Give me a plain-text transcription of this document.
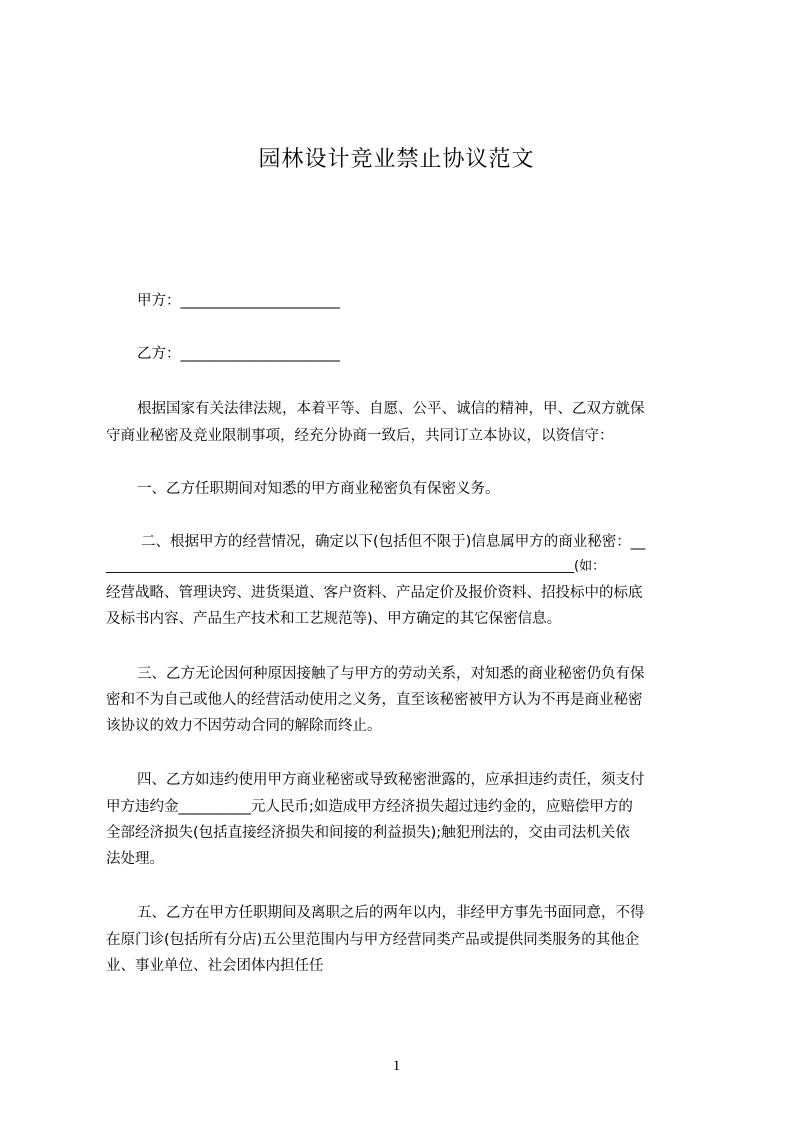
园林设计竞业禁止协议范文
甲方：______________________
乙方：______________________
根据国家有关法律法规，本着平等、自愿、公平、诚信的精神，甲、乙双方就保
守商业秘密及竞业限制事项，经充分协商一致后，共同订立本协议，以资信守：
一、乙方任职期间对知悉的甲方商业秘密负有保密义务。
二、根据甲方的经营情况，确定以下(包括但不限于)信息属甲方的商业秘密：__
________________________________________________________________________(如：
经营战略、管理诀窍、进货渠道、客户资料、产品定价及报价资料、招投标中的标底
及标书内容、产品生产技术和工艺规范等)、甲方确定的其它保密信息。
三、乙方无论因何种原因接触了与甲方的劳动关系，对知悉的商业秘密仍负有保
密和不为自己或他人的经营活动使用之义务，直至该秘密被甲方认为不再是商业秘密
该协议的效力不因劳动合同的解除而终止。
四、乙方如违约使用甲方商业秘密或导致秘密泄露的，应承担违约责任，须支付
甲方违约金__________元人民币;如造成甲方经济损失超过违约金的，应赔偿甲方的
全部经济损失(包括直接经济损失和间接的利益损失);触犯刑法的，交由司法机关依
法处理。
五、乙方在甲方任职期间及离职之后的两年以内，非经甲方事先书面同意，不得
在原门诊(包括所有分店)五公里范围内与甲方经营同类产品或提供同类服务的其他企
业、事业单位、社会团体内担任任
1
